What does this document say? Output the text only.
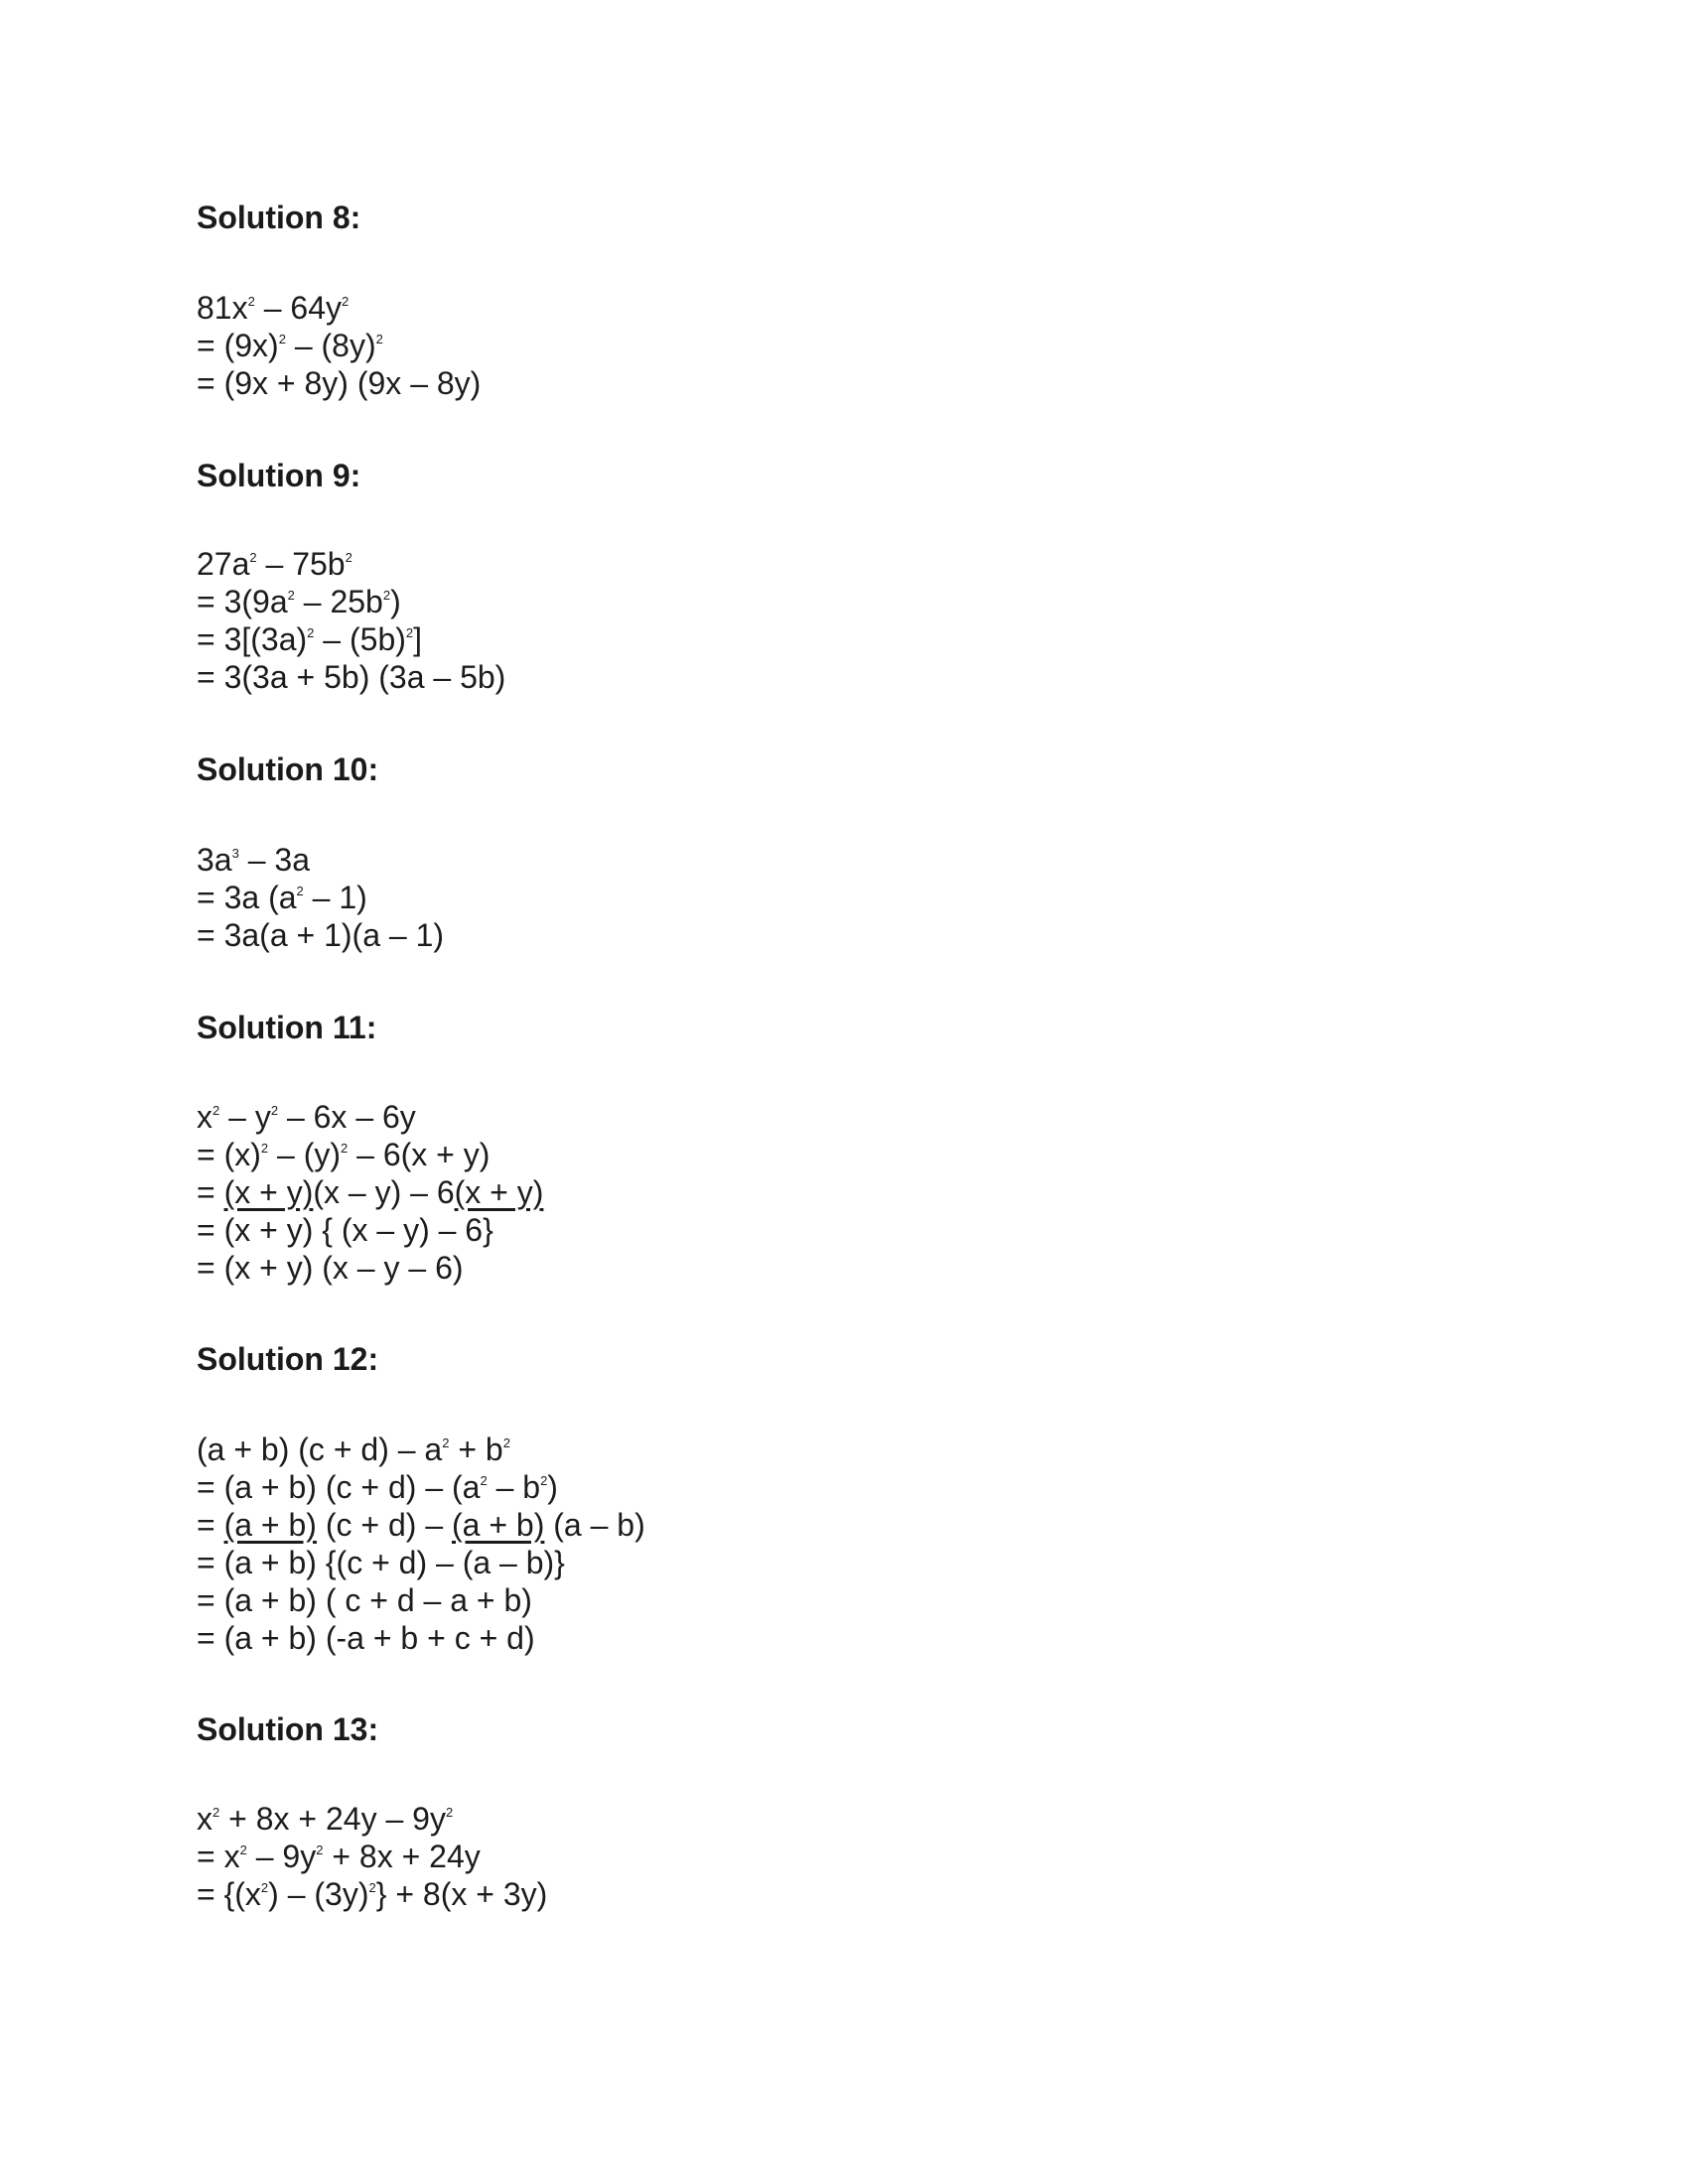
Solution 8:
$81x^2 - 64y^2$
= $(9x)^2 - (8y)^2$
= (9x + 8y) (9x – 8y)
Solution 9:
$27a^2 - 75b^2$
= $3(9a^2 - 25b^2)$
= $3[(3a)^2 - (5b)^2]$
= 3(3a + 5b) (3a – 5b)
Solution 10:
$3a^3 - 3a$
= 3a $(a^2 - 1)$
= 3a(a + 1)(a – 1)
Solution 11:
$x^2 - y^2 - 6x - 6y$
= $(x)^2 - (y)^2 - 6(x + y)$
= (x + y)(x – y) – 6(x + y)
= (x + y) { (x – y) – 6}
= (x + y) (x – y – 6)
Solution 12:
(a + b) $(c + d) - a^2 + b^2$
= (a + b) $(c + d) - (a^2 - b^2)$
= (a + b) (c + d) – (a + b) (a – b)
= (a + b) {(c + d) – (a – b)}
= (a + b) ( c + d – a + b)
= (a + b) (-a + b + c + d)
Solution 13:
$x^2 + 8x + 24y - 9y^2$
= $x^2 - 9y^2 + 8x + 24y$
= $\{(x^2) - (3y)^2\} + 8(x + 3y)$
